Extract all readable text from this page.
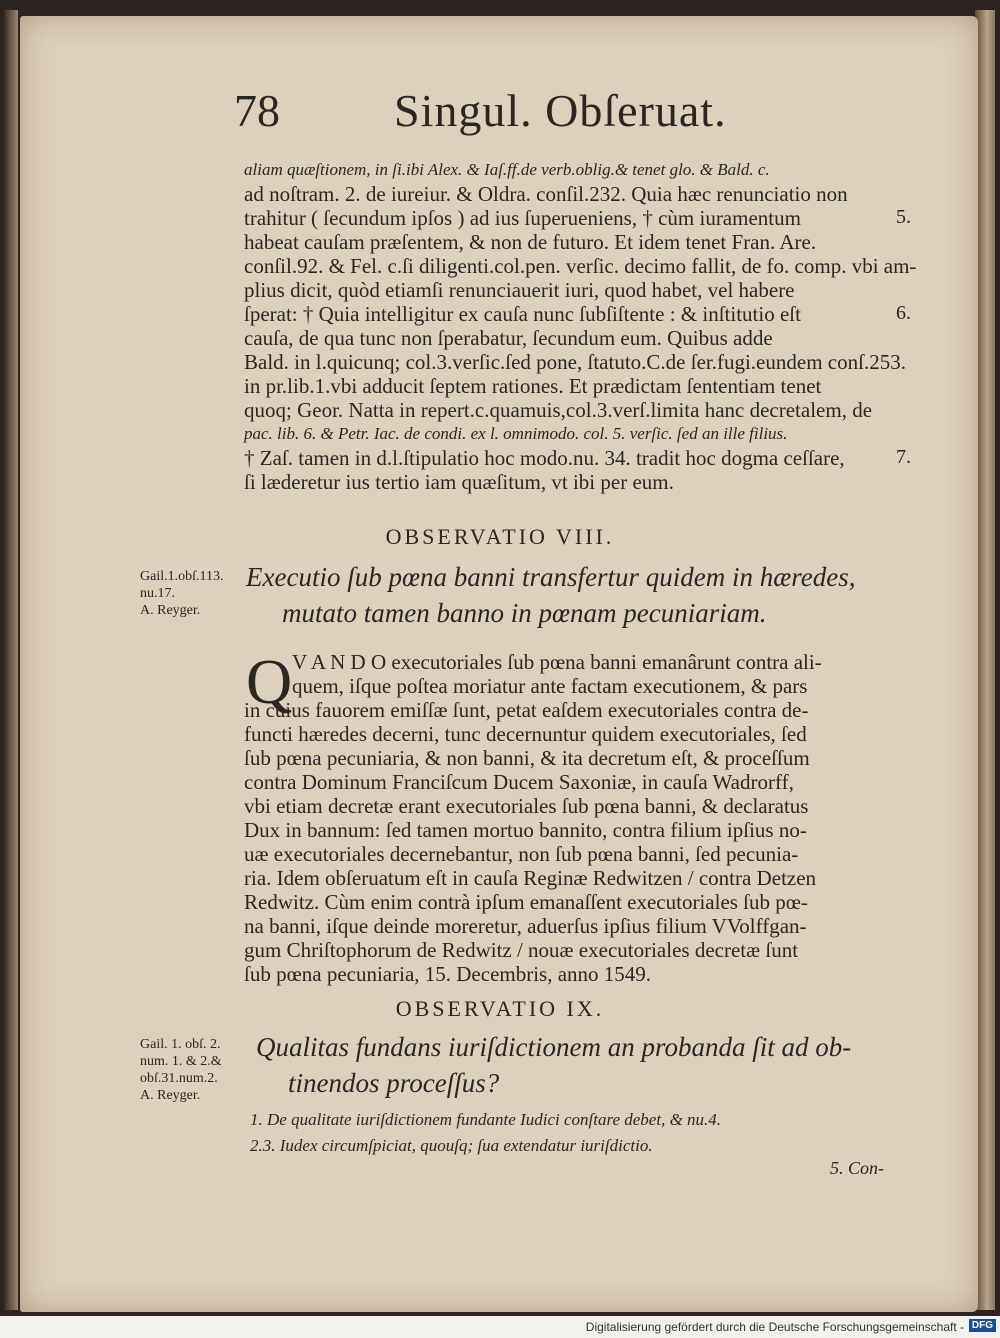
78 Singul. Obſeruat.
aliam quæſtionem, in ſi.ibi Alex. & Iaſ.ff.de verb.oblig.& tenet glo. & Bald. c.
ad noſtram. 2. de iureiur. & Oldra. conſil.232. Quia hæc renunciatio non
trahitur ( ſecundum ipſos ) ad ius ſuperueniens, † cùm iuramentum
habeat cauſam præſentem, & non de futuro. Et idem tenet Fran. Are.
conſil.92. & Fel. c.ſi diligenti.col.pen. verſic. decimo fallit, de fo. comp. vbi am-
plius dicit, quòd etiamſi renunciauerit iuri, quod habet, vel habere
ſperat: † Quia intelligitur ex cauſa nunc ſubſiſtente : & inſtitutio eſt
cauſa, de qua tunc non ſperabatur, ſecundum eum. Quibus adde
Bald. in l.quicunq; col.3.verſic.ſed pone, ſtatuto.C.de ſer.fugi.eundem conſ.253.
in pr.lib.1.vbi adducit ſeptem rationes. Et prædictam ſententiam tenet
quoq; Geor. Natta in repert.c.quamuis,col.3.verſ.limita hanc decretalem, de
pac. lib. 6. & Petr. Iac. de condi. ex l. omnimodo. col. 5. verſic. ſed an ille filius.
† Zaſ. tamen in d.l.ſtipulatio hoc modo.nu. 34. tradit hoc dogma ceſſare,
ſi læderetur ius tertio iam quæſitum, vt ibi per eum.
5.
6.
7.
OBSERVATIO VIII.
Gail.1.obſ.113.
nu.17.
A. Reyger.
Executio ſub pœna banni transfertur quidem in hæredes,
mutato tamen banno in pœnam pecuniariam.
Q V A N D O executoriales ſub pœna banni emanârunt contra ali-
quem, iſque poſtea moriatur ante factam executionem, & pars
in cuius fauorem emiſſæ ſunt, petat eaſdem executoriales contra de-
functi hæredes decerni, tunc decernuntur quidem executoriales, ſed
ſub pœna pecuniaria, & non banni, & ita decretum eſt, & proceſſum
contra Dominum Franciſcum Ducem Saxoniæ, in cauſa Wadrorff,
vbi etiam decretæ erant executoriales ſub pœna banni, & declaratus
Dux in bannum: ſed tamen mortuo bannito, contra filium ipſius no-
uæ executoriales decernebantur, non ſub pœna banni, ſed pecunia-
ria. Idem obſeruatum eſt in cauſa Reginæ Redwitzen / contra Detzen
Redwitz. Cùm enim contrà ipſum emanaſſent executoriales ſub pœ-
na banni, iſque deinde moreretur, aduerſus ipſius filium VVolffgan-
gum Chriſtophorum de Redwitz / nouæ executoriales decretæ ſunt
ſub pœna pecuniaria, 15. Decembris, anno 1549.
OBSERVATIO IX.
Gail. 1. obſ. 2.
num. 1. & 2.&
obſ.31.num.2.
A. Reyger.
Qualitas fundans iuriſdictionem an probanda ſit ad ob-
tinendos proceſſus?
1. De qualitate iuriſdictionem fundante Iudici conſtare debet, & nu.4.
2.3. Iudex circumſpiciat, quouſq; ſua extendatur iuriſdictio.
5. Con-
Digitalisierung gefördert durch die Deutsche Forschungsgemeinschaft - DFG
